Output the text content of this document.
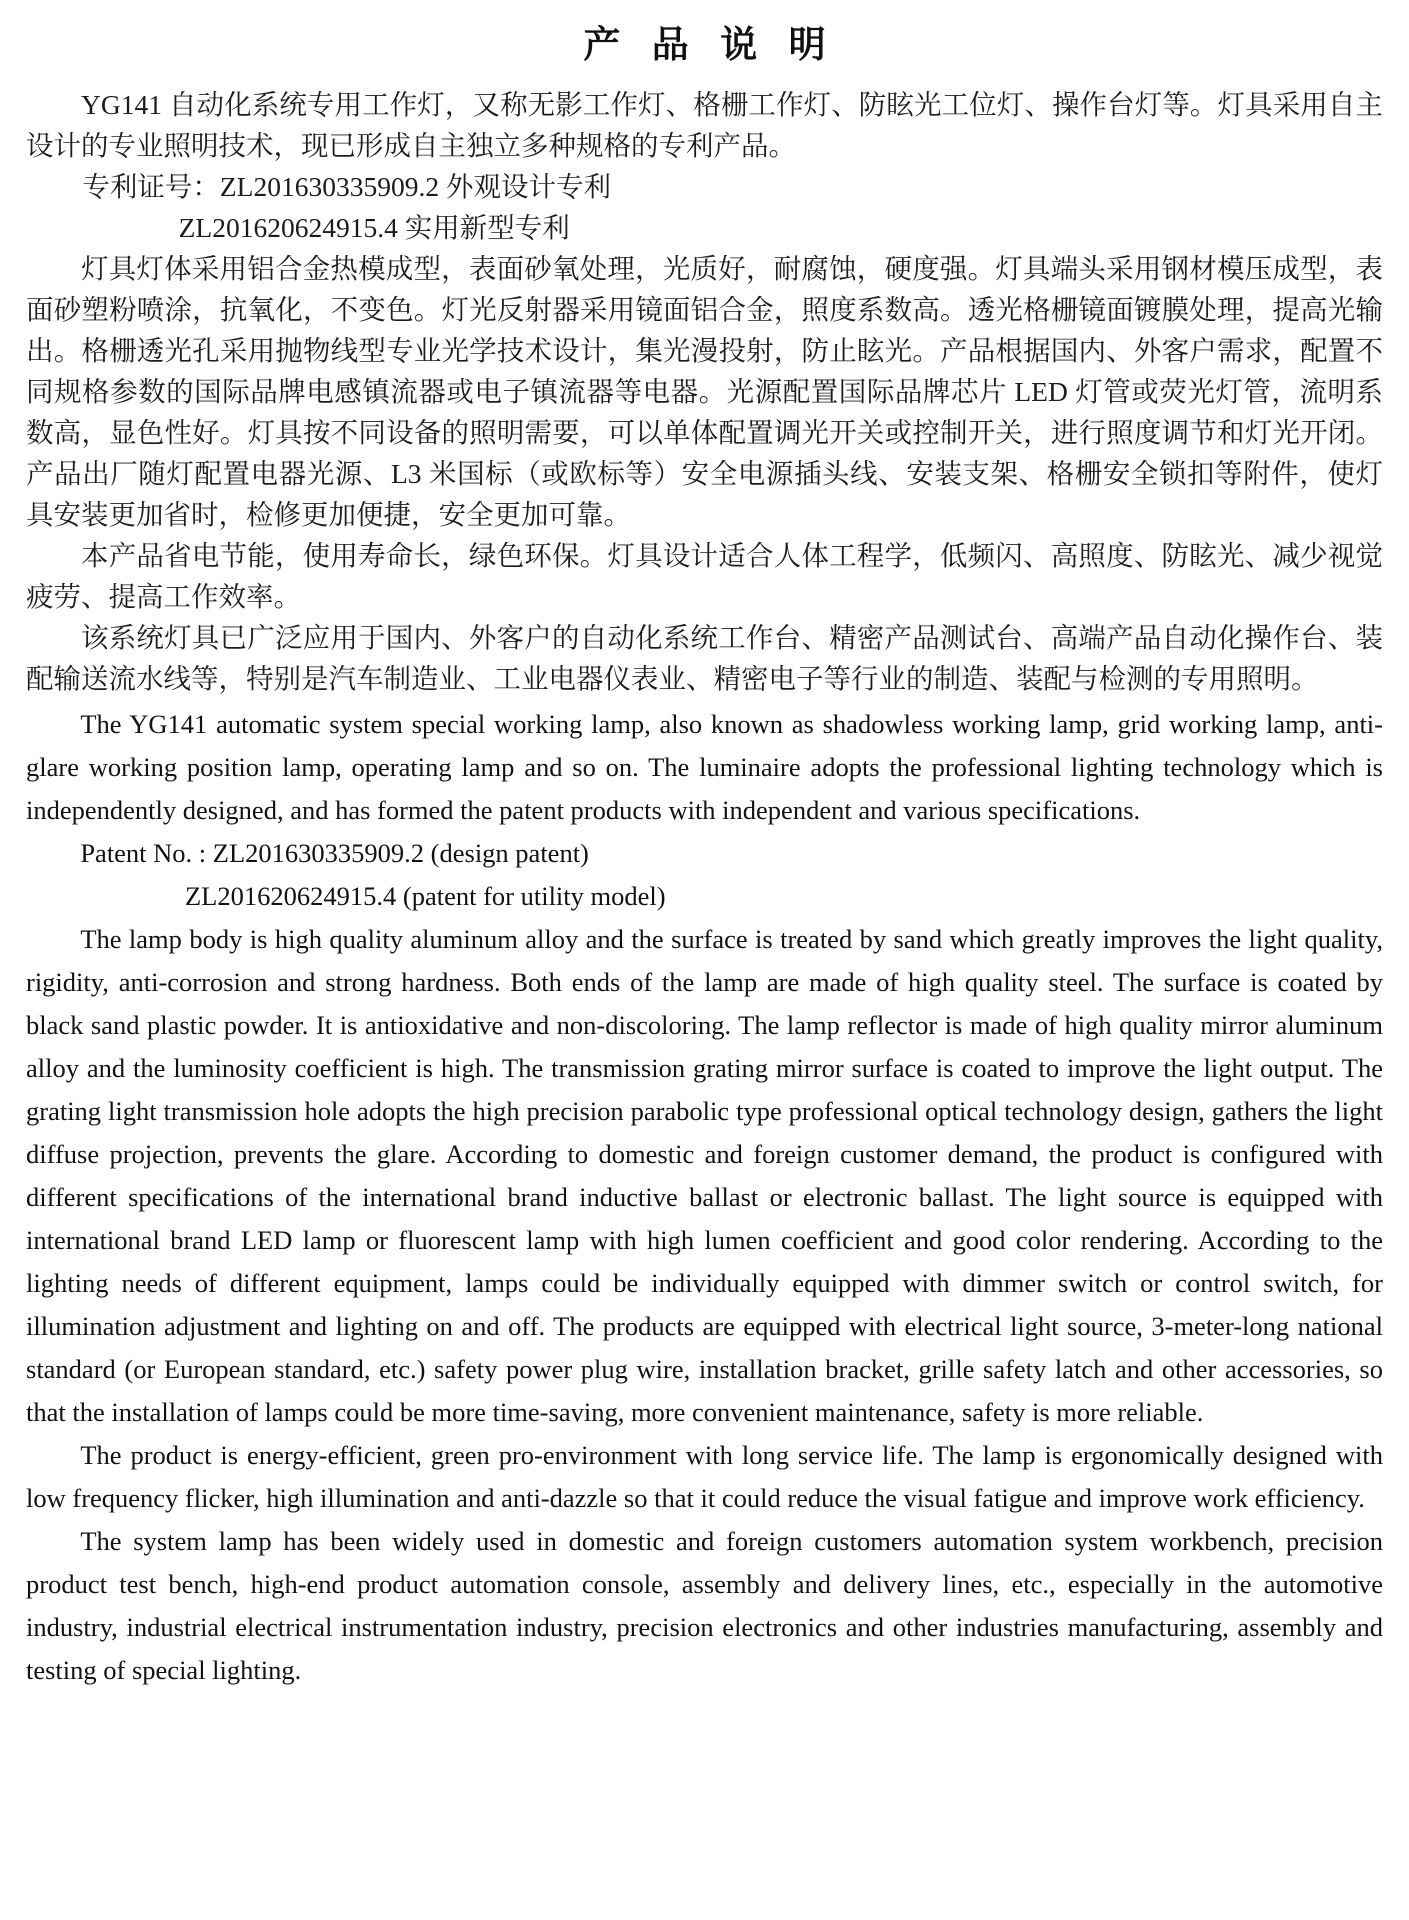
产 品 说 明

YG141 自动化系统专用工作灯，又称无影工作灯、格栅工作灯、防眩光工位灯、操作台灯等。灯具采用自主设计的专业照明技术，现已形成自主独立多种规格的专利产品。

专利证号：ZL201630335909.2 外观设计专利

ZL201620624915.4 实用新型专利

灯具灯体采用铝合金热模成型，表面砂氧处理，光质好，耐腐蚀，硬度强。灯具端头采用钢材模压成型，表面砂塑粉喷涂，抗氧化，不变色。灯光反射器采用镜面铝合金，照度系数高。透光格栅镜面镀膜处理，提高光输出。格栅透光孔采用抛物线型专业光学技术设计，集光漫投射，防止眩光。产品根据国内、外客户需求，配置不同规格参数的国际品牌电感镇流器或电子镇流器等电器。光源配置国际品牌芯片 LED 灯管或荧光灯管，流明系数高，显色性好。灯具按不同设备的照明需要，可以单体配置调光开关或控制开关，进行照度调节和灯光开闭。产品出厂随灯配置电器光源、L3 米国标（或欧标等）安全电源插头线、安装支架、格栅安全锁扣等附件，使灯具安装更加省时，检修更加便捷，安全更加可靠。

本产品省电节能，使用寿命长，绿色环保。灯具设计适合人体工程学，低频闪、高照度、防眩光、减少视觉疲劳、提高工作效率。

该系统灯具已广泛应用于国内、外客户的自动化系统工作台、精密产品测试台、高端产品自动化操作台、装配输送流水线等，特别是汽车制造业、工业电器仪表业、精密电子等行业的制造、装配与检测的专用照明。

The YG141 automatic system special working lamp, also known as shadowless working lamp, grid working lamp, anti-glare working position lamp, operating lamp and so on. The luminaire adopts the professional lighting technology which is independently designed, and has formed the patent products with independent and various specifications.

Patent No. : ZL201630335909.2 (design patent)

ZL201620624915.4 (patent for utility model)

The lamp body is high quality aluminum alloy and the surface is treated by sand which greatly improves the light quality, rigidity, anti-corrosion and strong hardness. Both ends of the lamp are made of high quality steel. The surface is coated by black sand plastic powder. It is antioxidative and non-discoloring. The lamp reflector is made of high quality mirror aluminum alloy and the luminosity coefficient is high. The transmission grating mirror surface is coated to improve the light output. The grating light transmission hole adopts the high precision parabolic type professional optical technology design, gathers the light diffuse projection, prevents the glare. According to domestic and foreign customer demand, the product is configured with different specifications of the international brand inductive ballast or electronic ballast. The light source is equipped with international brand LED lamp or fluorescent lamp with high lumen coefficient and good color rendering. According to the lighting needs of different equipment, lamps could be individually equipped with dimmer switch or control switch, for illumination adjustment and lighting on and off. The products are equipped with electrical light source, 3-meter-long national standard (or European standard, etc.) safety power plug wire, installation bracket, grille safety latch and other accessories, so that the installation of lamps could be more time-saving, more convenient maintenance, safety is more reliable.

The product is energy-efficient, green pro-environment with long service life. The lamp is ergonomically designed with low frequency flicker, high illumination and anti-dazzle so that it could reduce the visual fatigue and improve work efficiency.

The system lamp has been widely used in domestic and foreign customers automation system workbench, precision product test bench, high-end product automation console, assembly and delivery lines, etc., especially in the automotive industry, industrial electrical instrumentation industry, precision electronics and other industries manufacturing, assembly and testing of special lighting.
